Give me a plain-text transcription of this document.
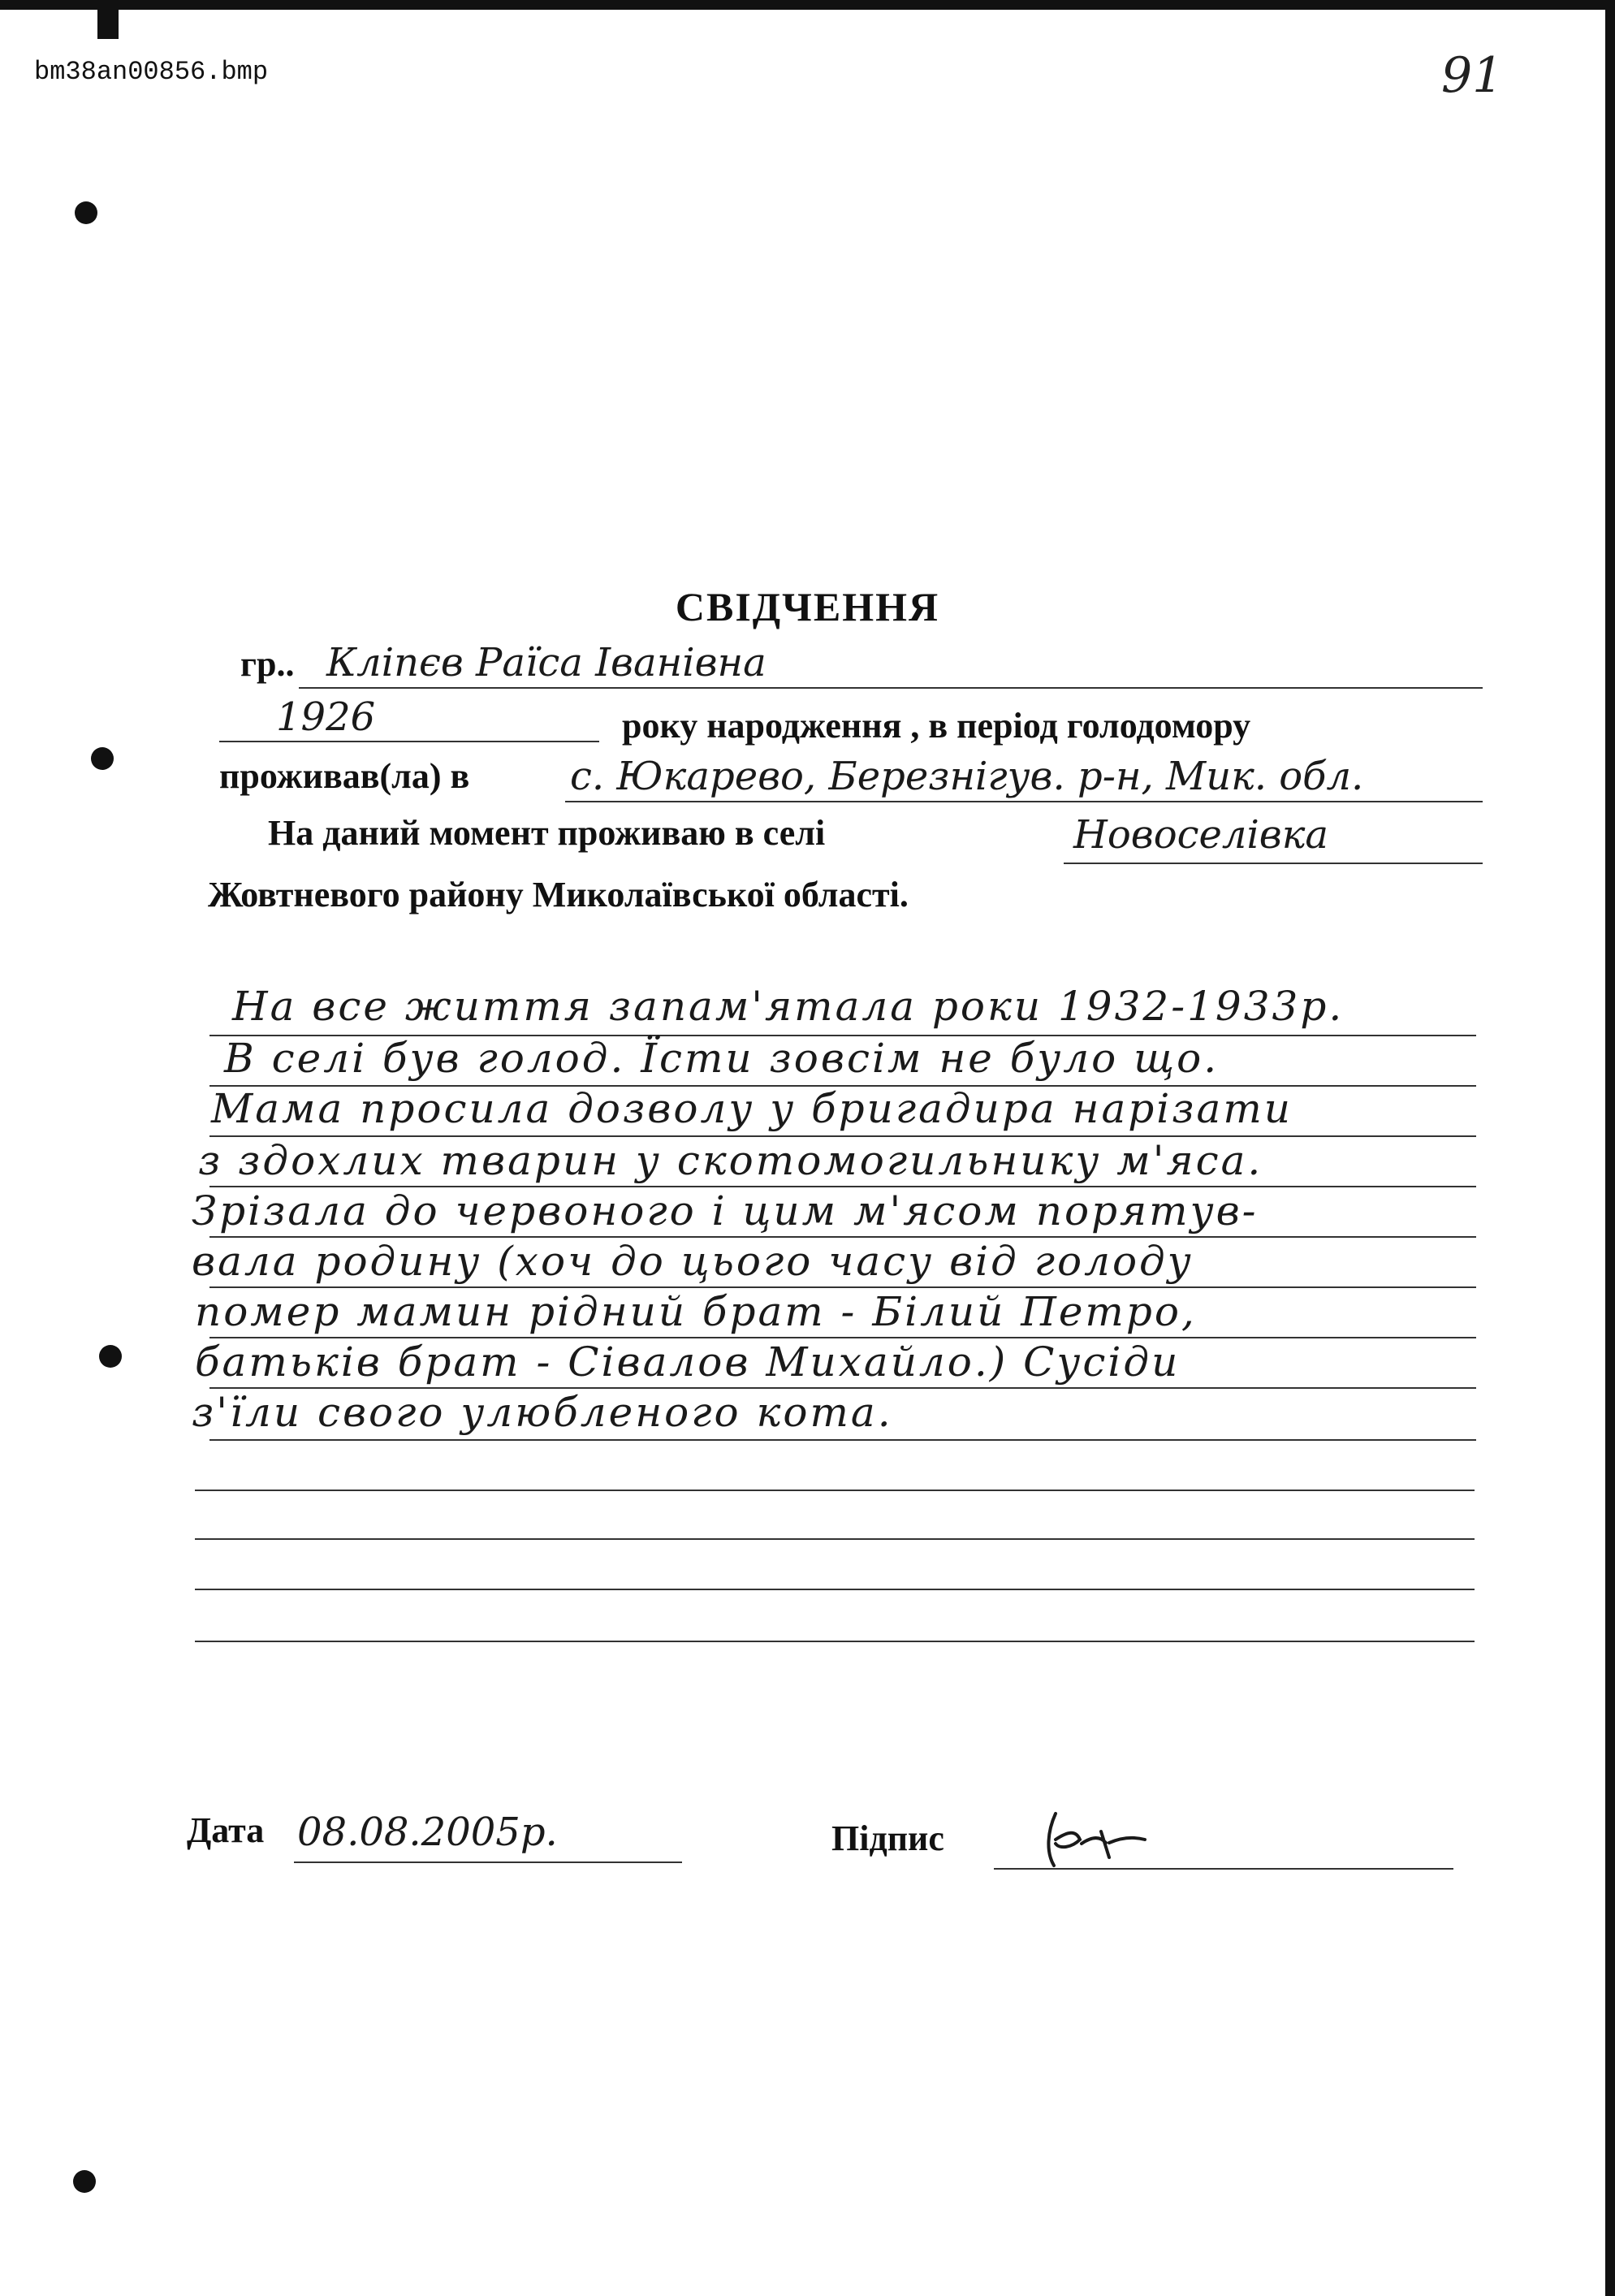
bm38an00856.bmp	91
СВІДЧЕННЯ
гр.. Кліпєв Раїса Іванівна
1926	року народження , в період голодомору
проживав(ла) в	с. Юкарево, Березнігув. р-н, Мик. обл.
На даний момент проживаю в селі	Новоселівка
Жовтневого району Миколаївської області.
На все життя запам'ятала роки 1932-1933р.
В селі був голод. Їсти зовсім не було що.
Мама просила дозволу у бригадира нарізати
з здохлих тварин у скотомогильнику м'яса.
Зрізала до червоного і цим м'ясом порятув-
вала родину (хоч до цього часу від голоду
помер мамин рідний брат - Білий Петро,
батьків брат - Сівалов Михайло.) Сусіди
з'їли свого улюбленого кота.
Дата 08.08.2005р.	Підпис
